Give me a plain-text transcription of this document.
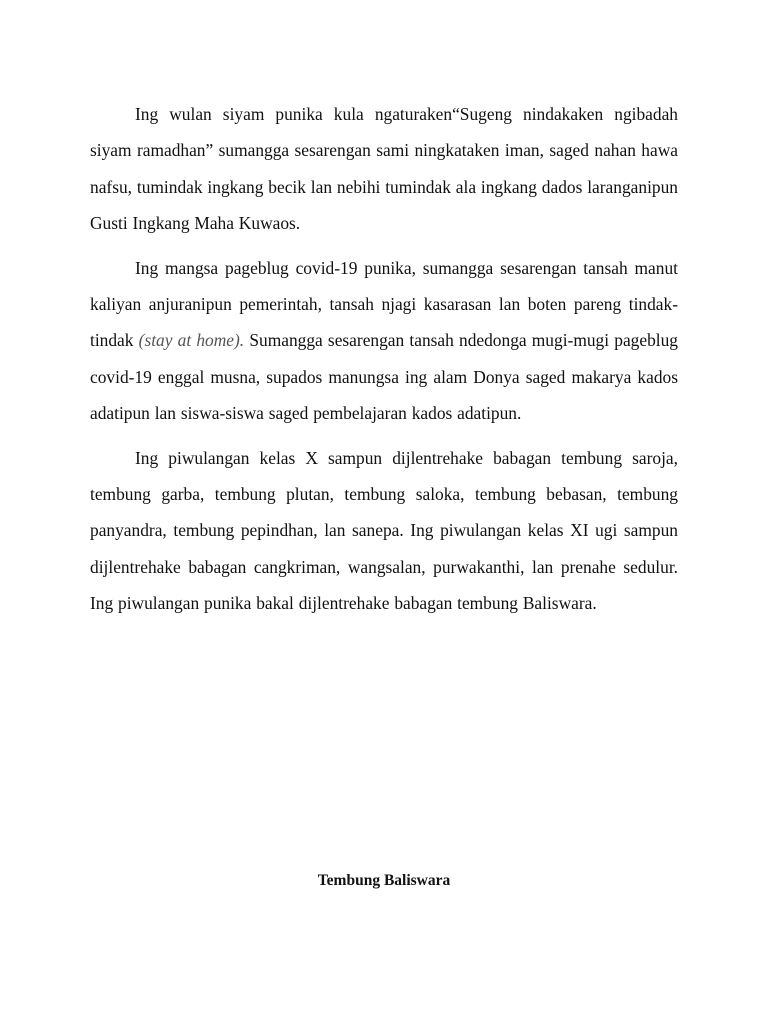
Ing wulan siyam punika kula ngaturaken“Sugeng nindakaken ngibadah siyam ramadhan” sumangga sesarengan sami ningkataken iman, saged nahan hawa nafsu, tumindak ingkang becik lan nebihi tumindak ala ingkang dados laranganipun Gusti Ingkang Maha Kuwaos.

Ing mangsa pageblug covid-19 punika, sumangga sesarengan tansah manut kaliyan anjuranipun pemerintah, tansah njagi kasarasan lan boten pareng tindak-tindak (stay at home). Sumangga sesarengan tansah ndedonga mugi-mugi pageblug covid-19 enggal musna, supados manungsa ing alam Donya saged makarya kados adatipun lan siswa-siswa saged pembelajaran kados adatipun.

Ing piwulangan kelas X sampun dijlentrehake babagan tembung saroja, tembung garba, tembung plutan, tembung saloka, tembung bebasan, tembung panyandra, tembung pepindhan, lan sanepa. Ing piwulangan kelas XI ugi sampun dijlentrehake babagan cangkriman, wangsalan, purwakanthi, lan prenahe sedulur. Ing piwulangan punika bakal dijlentrehake babagan tembung Baliswara.

Tembung Baliswara
